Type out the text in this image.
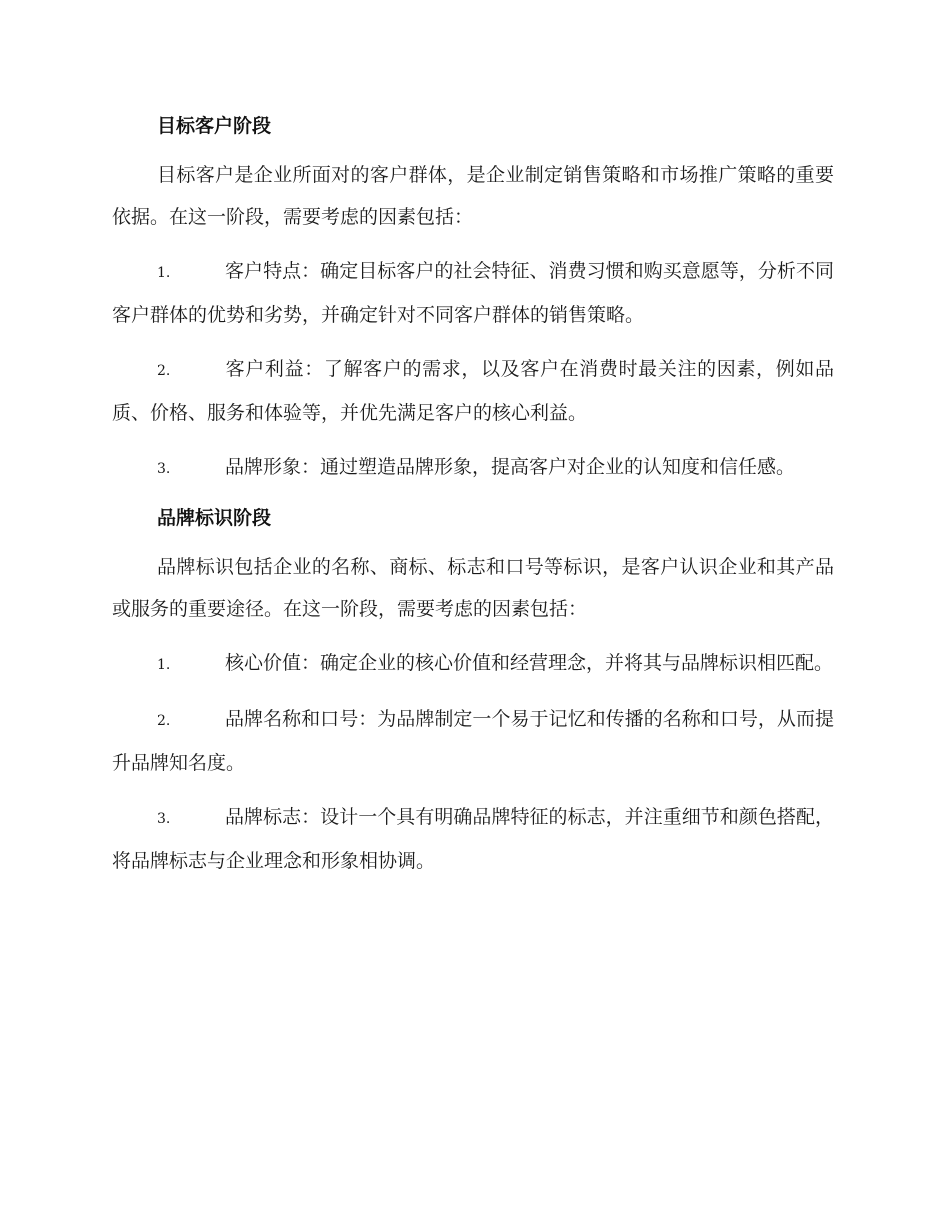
目标客户阶段

目标客户是企业所面对的客户群体，是企业制定销售策略和市场推广策略的重要依据。在这一阶段，需要考虑的因素包括：

1.	客户特点：确定目标客户的社会特征、消费习惯和购买意愿等，分析不同客户群体的优势和劣势，并确定针对不同客户群体的销售策略。

2.	客户利益：了解客户的需求，以及客户在消费时最关注的因素，例如品质、价格、服务和体验等，并优先满足客户的核心利益。

3.	品牌形象：通过塑造品牌形象，提高客户对企业的认知度和信任感。

品牌标识阶段

品牌标识包括企业的名称、商标、标志和口号等标识，是客户认识企业和其产品或服务的重要途径。在这一阶段，需要考虑的因素包括：

1.	核心价值：确定企业的核心价值和经营理念，并将其与品牌标识相匹配。

2.	品牌名称和口号：为品牌制定一个易于记忆和传播的名称和口号，从而提升品牌知名度。

3.	品牌标志：设计一个具有明确品牌特征的标志，并注重细节和颜色搭配，将品牌标志与企业理念和形象相协调。
